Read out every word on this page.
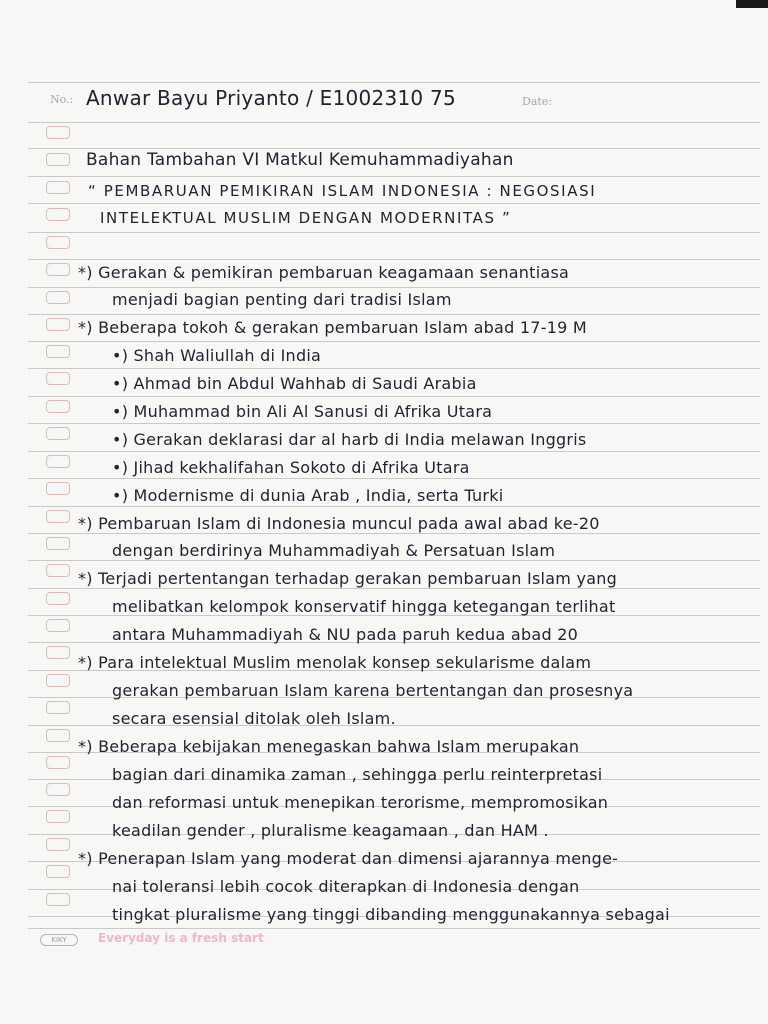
No.:	Date:
Anwar Bayu Priyanto / E1002310 75
Bahan Tambahan VI Matkul Kemuhammadiyahan
“ PEMBARUAN PEMIKIRAN ISLAM INDONESIA : NEGOSIASI
INTELEKTUAL MUSLIM DENGAN MODERNITAS ”
*) Gerakan & pemikiran pembaruan keagamaan senantiasa
menjadi bagian penting dari tradisi Islam
*) Beberapa tokoh & gerakan pembaruan Islam abad 17-19 M
•) Shah Waliullah di India
•) Ahmad bin Abdul Wahhab di Saudi Arabia
•) Muhammad bin Ali Al Sanusi di Afrika Utara
•) Gerakan deklarasi dar al harb di India melawan Inggris
•) Jihad kekhalifahan Sokoto di Afrika Utara
•) Modernisme di dunia Arab , India, serta Turki
*) Pembaruan Islam di Indonesia muncul pada awal abad ke-20
dengan berdirinya Muhammadiyah & Persatuan Islam
*) Terjadi pertentangan terhadap gerakan pembaruan Islam yang
melibatkan kelompok konservatif hingga ketegangan terlihat
antara Muhammadiyah & NU pada paruh kedua abad 20
*) Para intelektual Muslim menolak konsep sekularisme dalam
gerakan pembaruan Islam karena bertentangan dan prosesnya
secara esensial ditolak oleh Islam.
*) Beberapa kebijakan menegaskan bahwa Islam merupakan
bagian dari dinamika zaman , sehingga perlu reinterpretasi
dan reformasi untuk menepikan terorisme, mempromosikan
keadilan gender , pluralisme keagamaan , dan HAM .
*) Penerapan Islam yang moderat dan dimensi ajarannya menge-
nai toleransi lebih cocok diterapkan di Indonesia dengan
tingkat pluralisme yang tinggi dibanding menggunakannya sebagai
KIKY	Everyday is a fresh start
